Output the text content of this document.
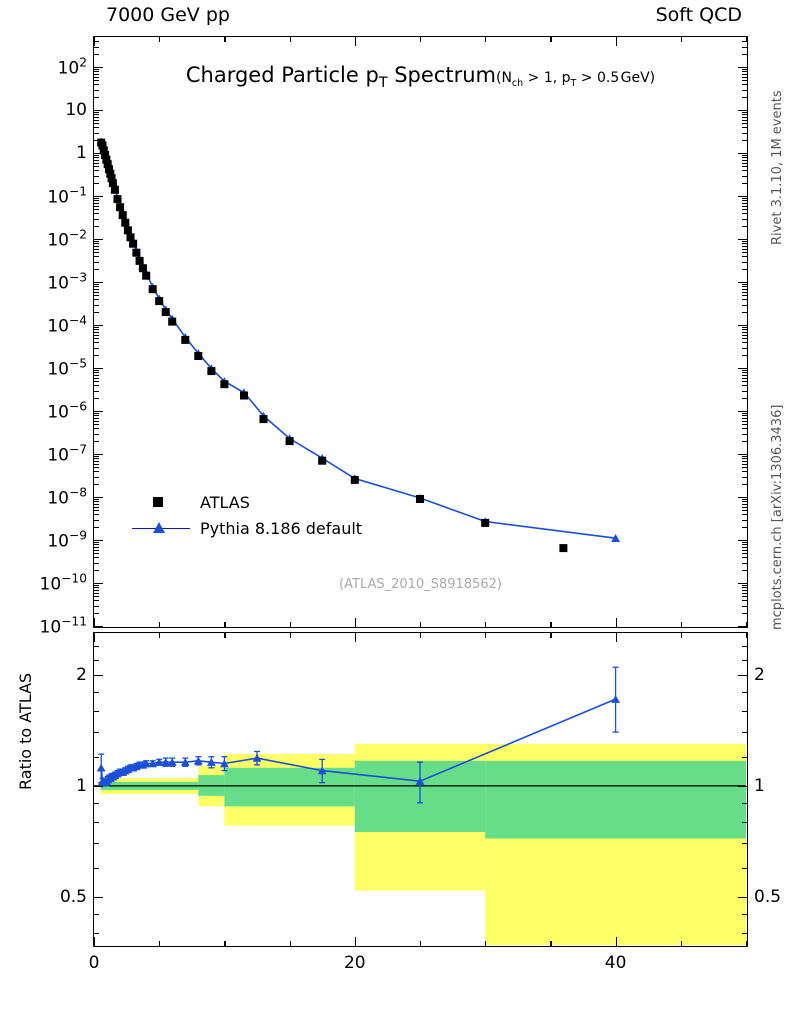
7000 GeV pp	Soft QCD
Rivet 3.1.10, 1M events
mcplots.cern.ch [arXiv:1306.3436]
Charged Particle $p_T$ $Spectrum(N_{ch} > 1$, $p_T > 0.5$ GeV)
(ATLAS_2010_S8918562)
ATLAS
Pythia 8.186 default
$10^2$
10
1
$10^{-1}$
$10^{-2}$
$10^{-3}$
$10^{-4}$
$10^{-5}$
$10^{-6}$
$10^{-7}$
$10^{-8}$
$10^{-9}$
$10^{-10}$
$10^{-11}$
2	2
1	1
0.5	0.5
0	20	40
Ratio to ATLAS
